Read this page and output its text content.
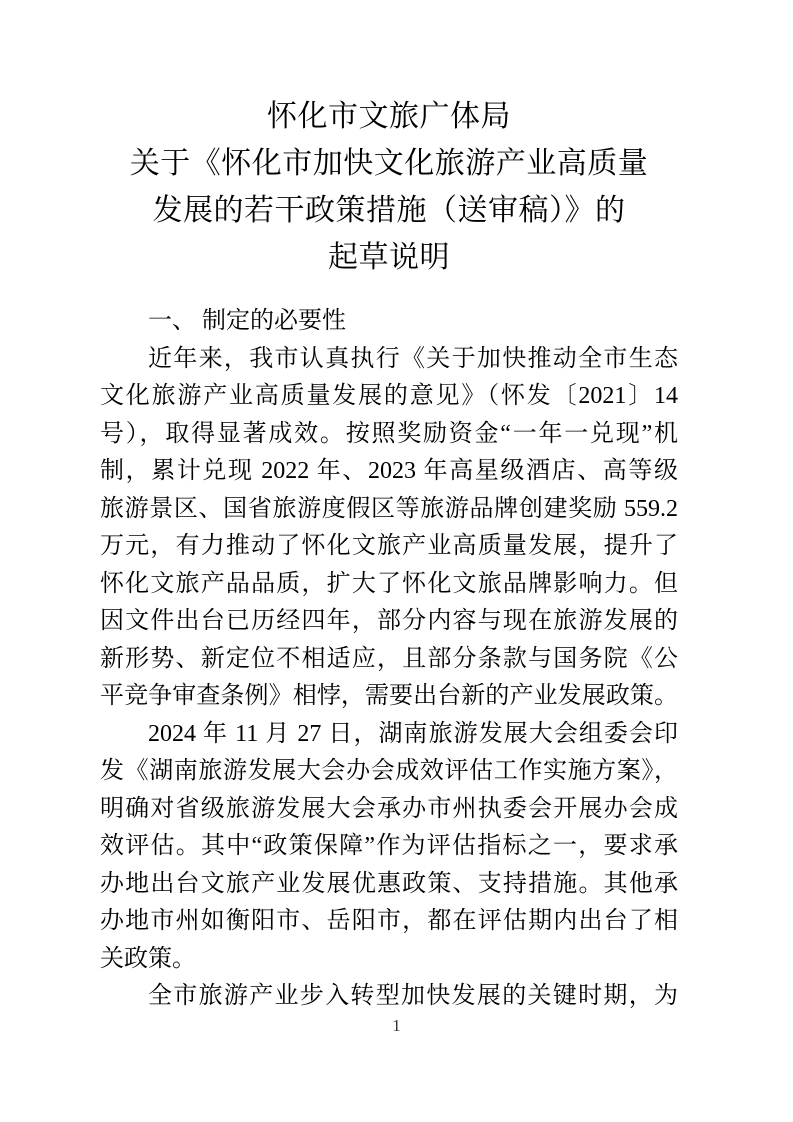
怀化市文旅广体局
关于《怀化市加快文化旅游产业高质量
发展的若干政策措施（送审稿）》的
起草说明
一、 制定的必要性
近年来，我市认真执行《关于加快推动全市生态
文化旅游产业高质量发展的意见》（怀发〔2021〕14
号），取得显著成效。按照奖励资金“一年一兑现”机
制，累计兑现 2022 年、2023 年高星级酒店、高等级
旅游景区、国省旅游度假区等旅游品牌创建奖励 559.2
万元，有力推动了怀化文旅产业高质量发展，提升了
怀化文旅产品品质，扩大了怀化文旅品牌影响力。但
因文件出台已历经四年，部分内容与现在旅游发展的
新形势、新定位不相适应，且部分条款与国务院《公
平竞争审查条例》相悖，需要出台新的产业发展政策。
2024 年 11 月 27 日，湖南旅游发展大会组委会印
发《湖南旅游发展大会办会成效评估工作实施方案》，
明确对省级旅游发展大会承办市州执委会开展办会成
效评估。其中“政策保障”作为评估指标之一，要求承
办地出台文旅产业发展优惠政策、支持措施。其他承
办地市州如衡阳市、岳阳市，都在评估期内出台了相
关政策。
全市旅游产业步入转型加快发展的关键时期，为
1
